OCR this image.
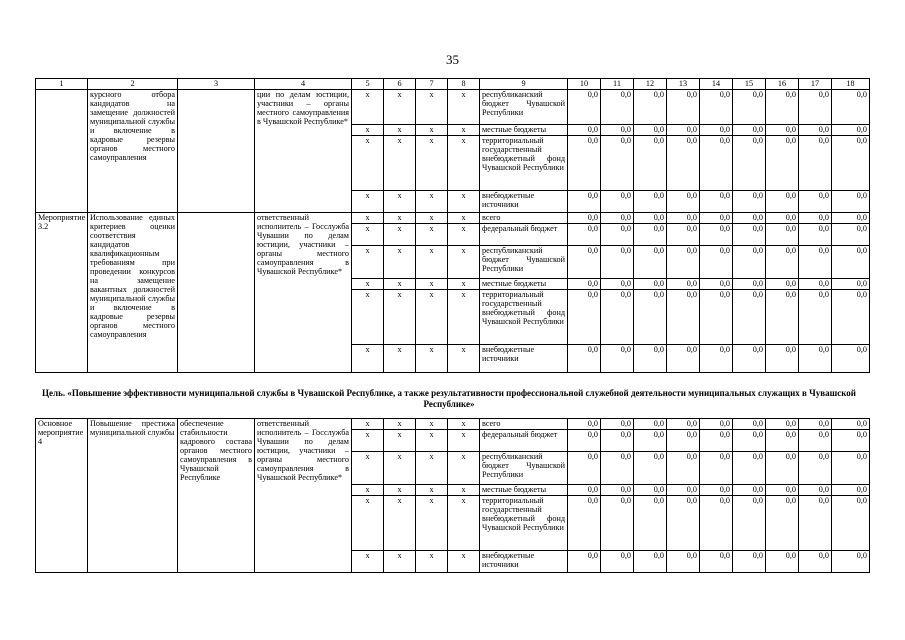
35
1	2	3	4	5	6	7	8	9	10	11	12	13	14	15	16	17	18
	курсного отбора кандидатов на замещение должностей муниципальной службы и включение в кадровые резервы органов местного самоуправления		ции по делам юстиции, участники – органы местного самоуправления в Чувашской Республике*	х	х	х	х	республиканский бюджет Чувашской Республики	0,0	0,0	0,0	0,0	0,0	0,0	0,0	0,0	0,0
				х	х	х	х	местные бюджеты	0,0	0,0	0,0	0,0	0,0	0,0	0,0	0,0	0,0
				х	х	х	х	территориальный государственный внебюджетный фонд Чувашской Республики	0,0	0,0	0,0	0,0	0,0	0,0	0,0	0,0	0,0
				х	х	х	х	внебюджетные источники	0,0	0,0	0,0	0,0	0,0	0,0	0,0	0,0	0,0
Мероприятие 3.2	Использование единых критериев оценки соответствия кандидатов квалификационным требованиям при проведении конкурсов на замещение вакантных должностей муниципальной службы и включение в кадровые резервы органов местного самоуправления		ответственный исполнитель – Госслужба Чувашии по делам юстиции, участники – органы местного самоуправления в Чувашской Республике*	х	х	х	х	всего	0,0	0,0	0,0	0,0	0,0	0,0	0,0	0,0	0,0
				х	х	х	х	федеральный бюджет	0,0	0,0	0,0	0,0	0,0	0,0	0,0	0,0	0,0
				х	х	х	х	республиканский бюджет Чувашской Республики	0,0	0,0	0,0	0,0	0,0	0,0	0,0	0,0	0,0
				х	х	х	х	местные бюджеты	0,0	0,0	0,0	0,0	0,0	0,0	0,0	0,0	0,0
				х	х	х	х	территориальный государственный внебюджетный фонд Чувашской Республики	0,0	0,0	0,0	0,0	0,0	0,0	0,0	0,0	0,0
				х	х	х	х	внебюджетные источники	0,0	0,0	0,0	0,0	0,0	0,0	0,0	0,0	0,0
Цель. «Повышение эффективности муниципальной службы в Чувашской Республике, а также результативности профессиональной служебной деятельности муниципальных служащих в Чувашской Республике»
Основное мероприятие 4	Повышение престижа муниципальной службы	обеспечение стабильности кадрового состава органов местного самоуправления в Чувашской Республике	ответственный исполнитель – Госслужба Чувашии по делам юстиции, участники – органы местного самоуправления в Чувашской Республике*	х	х	х	х	всего	0,0	0,0	0,0	0,0	0,0	0,0	0,0	0,0	0,0
				х	х	х	х	федеральный бюджет	0,0	0,0	0,0	0,0	0,0	0,0	0,0	0,0	0,0
				х	х	х	х	республиканский бюджет Чувашской Республики	0,0	0,0	0,0	0,0	0,0	0,0	0,0	0,0	0,0
				х	х	х	х	местные бюджеты	0,0	0,0	0,0	0,0	0,0	0,0	0,0	0,0	0,0
				х	х	х	х	территориальный государственный внебюджетный фонд Чувашской Республики	0,0	0,0	0,0	0,0	0,0	0,0	0,0	0,0	0,0
				х	х	х	х	внебюджетные источники	0,0	0,0	0,0	0,0	0,0	0,0	0,0	0,0	0,0
